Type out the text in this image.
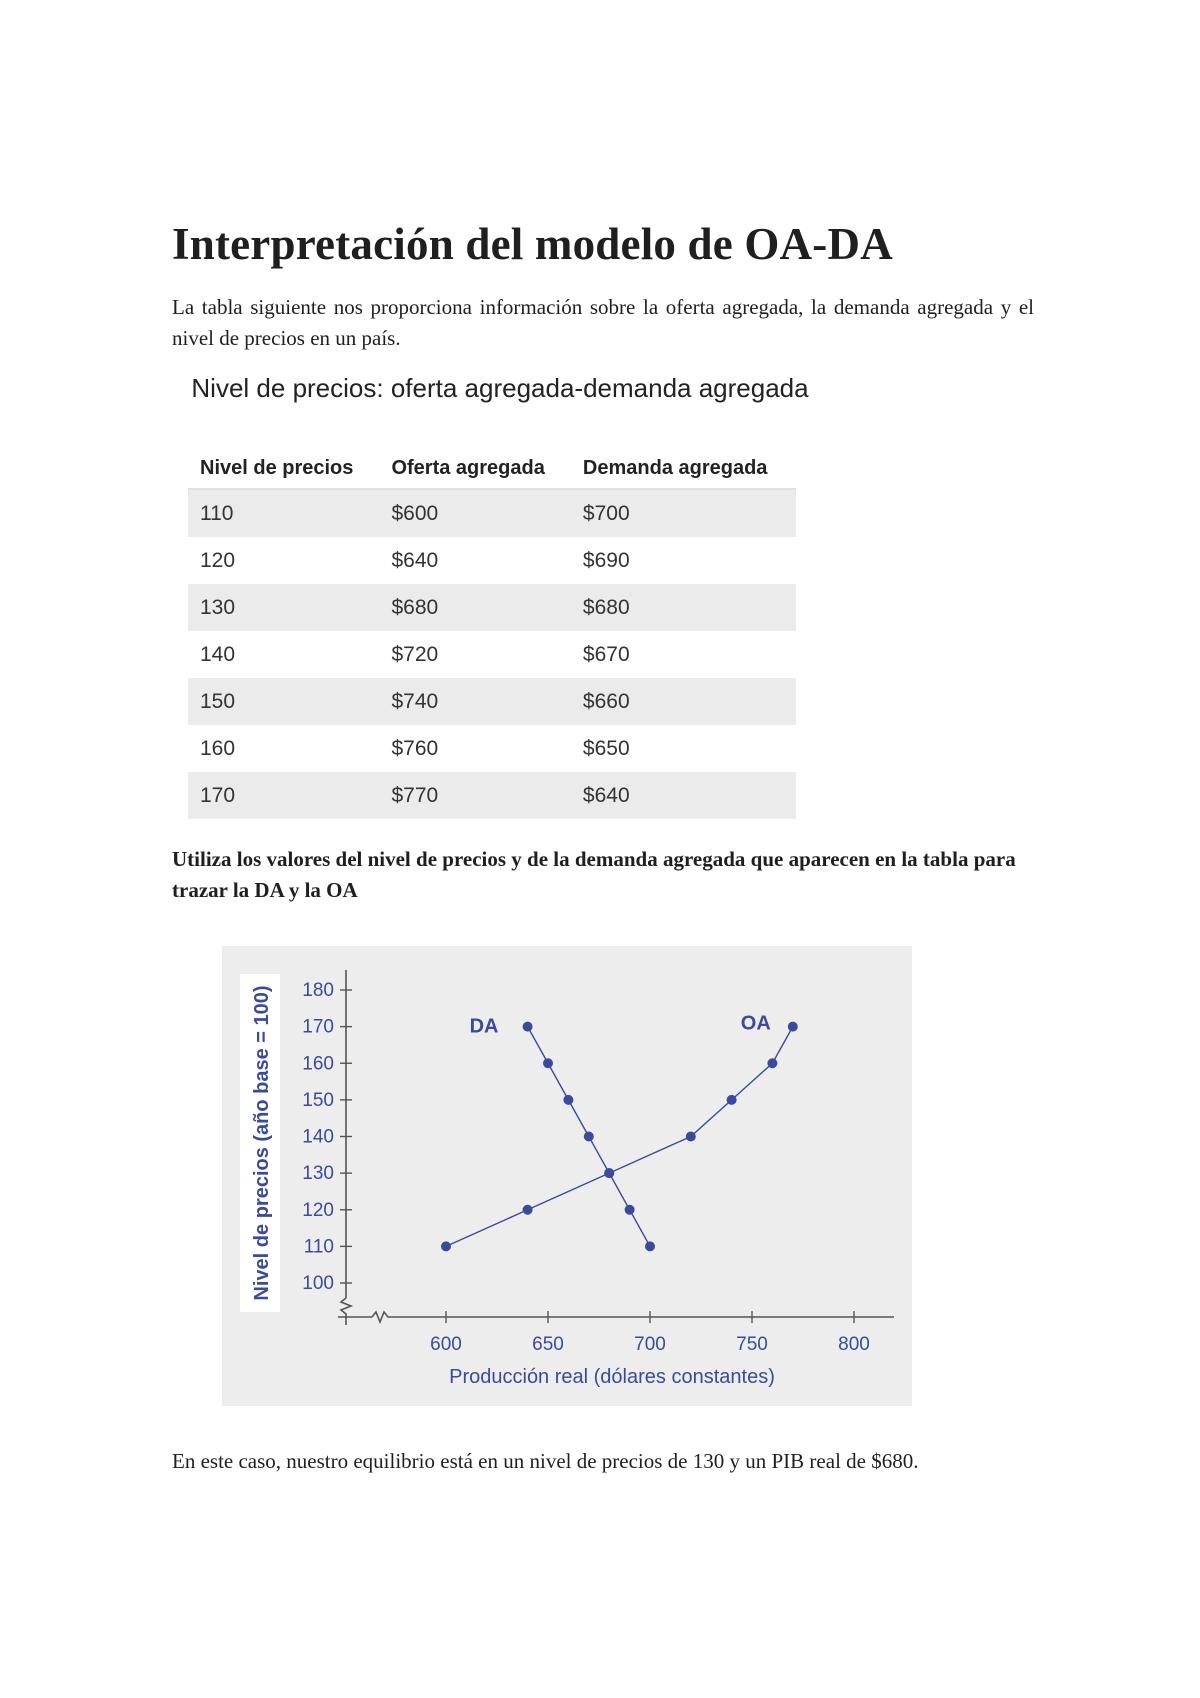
Interpretación del modelo de OA-DA

La tabla siguiente nos proporciona información sobre la oferta agregada, la demanda agregada y el nivel de precios en un país.

Nivel de precios: oferta agregada-demanda agregada

Nivel de precios	Oferta agregada	Demanda agregada
110	$600	$700
120	$640	$690
130	$680	$680
140	$720	$670
150	$740	$660
160	$760	$650
170	$770	$640

Utiliza los valores del nivel de precios y de la demanda agregada que aparecen en la tabla para trazar la DA y la OA

100
110
120
130
140
150
160
170
180
600	650	700	750	800
Producción real (dólares constantes)
Nivel de precios (año base = 100)	DA	OA

En este caso, nuestro equilibrio está en un nivel de precios de 130 y un PIB real de $680.
